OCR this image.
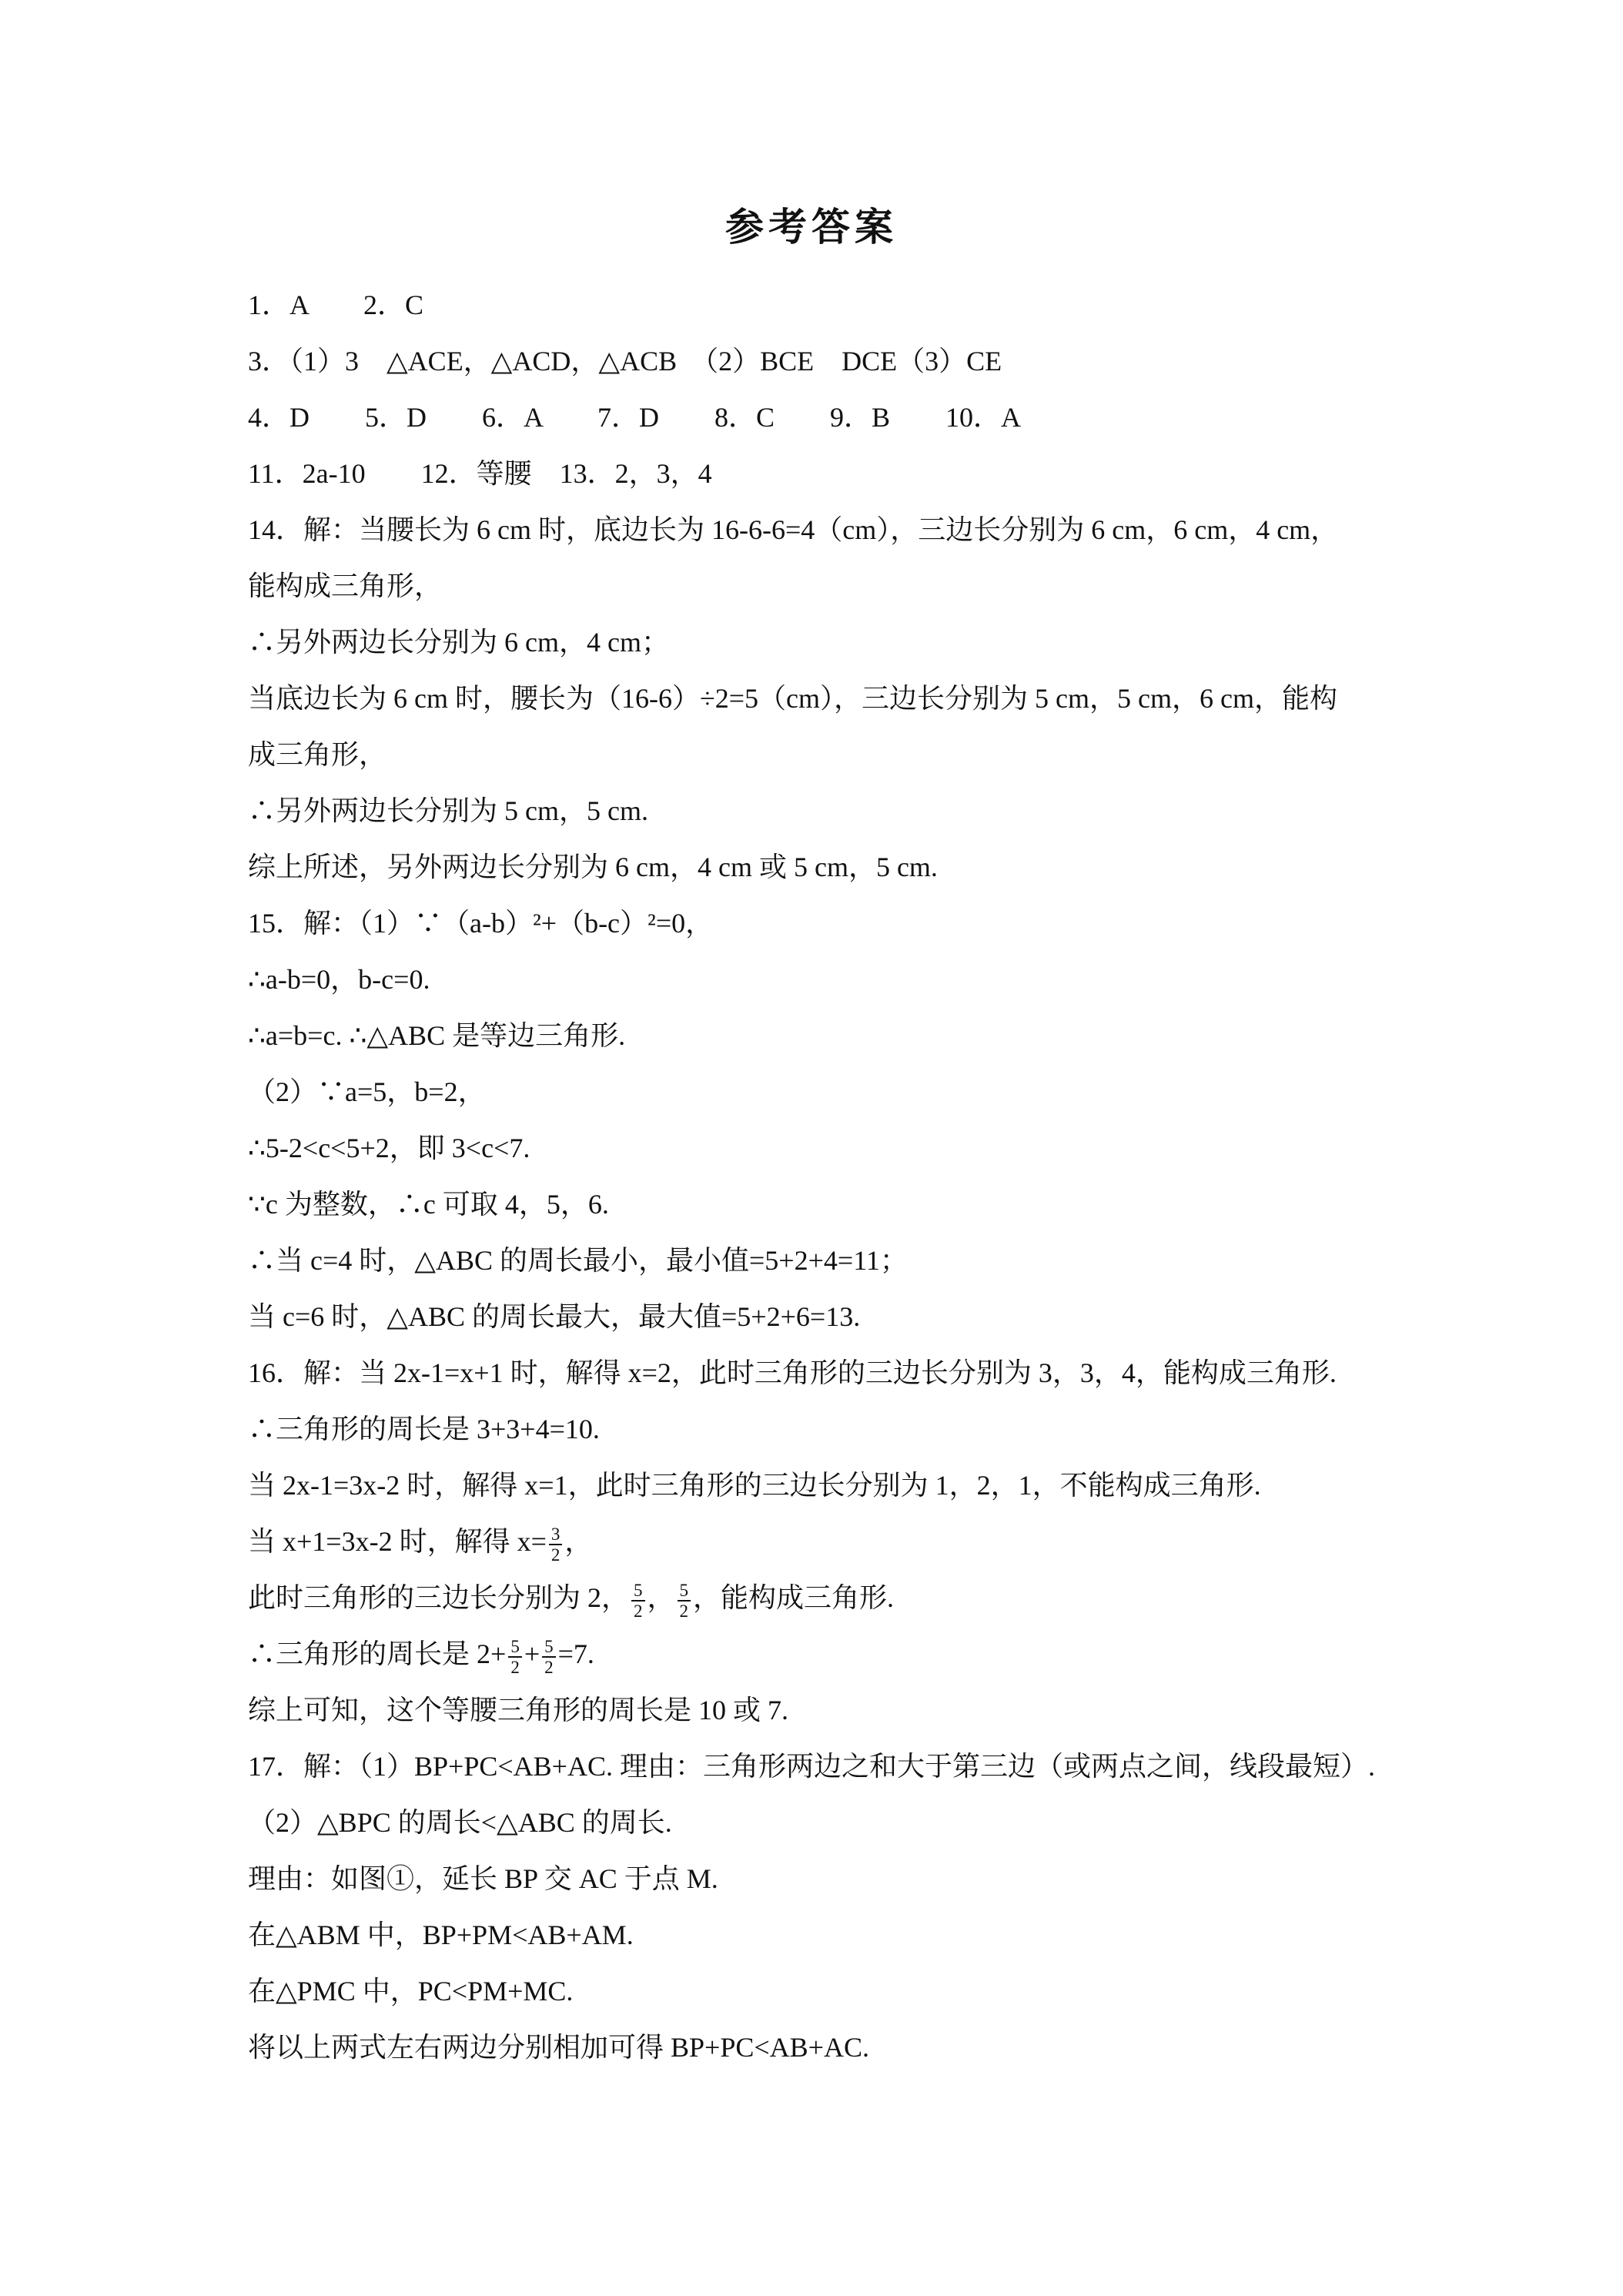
参考答案
1．A　　2．C
3．（1）3　△ACE，△ACD，△ACB　（2）BCE　DCE（3）CE
4．D　　5．D　　6．A　　7．D　　8．C　　9．B　　10．A
11．2a-10　　12．等腰　13．2，3，4
14．解：当腰长为 6 cm 时，底边长为 16-6-6=4（cm），三边长分别为 6 cm，6 cm，4 cm，
能构成三角形，
∴另外两边长分别为 6 cm，4 cm；
当底边长为 6 cm 时，腰长为（16-6）÷2=5（cm），三边长分别为 5 cm，5 cm，6 cm，能构
成三角形，
∴另外两边长分别为 5 cm，5 cm.
综上所述，另外两边长分别为 6 cm，4 cm 或 5 cm，5 cm.
15．解：（1）∵（a-b）²+（b-c）²=0，
∴a-b=0，b-c=0.
∴a=b=c. ∴△ABC 是等边三角形.
（2）∵a=5，b=2，
∴5-2<c<5+2，即 3<c<7.
∵c 为整数，∴c 可取 4，5，6.
∴当 c=4 时，△ABC 的周长最小，最小值=5+2+4=11；
当 c=6 时，△ABC 的周长最大，最大值=5+2+6=13.
16．解：当 2x-1=x+1 时，解得 x=2，此时三角形的三边长分别为 3，3，4，能构成三角形.
∴三角形的周长是 3+3+4=10.
当 2x-1=3x-2 时，解得 x=1，此时三角形的三边长分别为 1，2，1，不能构成三角形.
当 x+1=3x-2 时，解得 $x= \frac{3}{2}$ ，
此时三角形的三边长分别为 2， $\frac{5}{2}$ ， $\frac{5}{2}$ ，能构成三角形.
∴三角形的周长是 $2+ \frac{5}{2} + \frac{5}{2} =7$.
综上可知，这个等腰三角形的周长是 10 或 7.
17．解：（1）BP+PC<AB+AC. 理由：三角形两边之和大于第三边（或两点之间，线段最短）.
（2）△BPC 的周长<△ABC 的周长.
理由：如图①，延长 BP 交 AC 于点 M.
在△ABM 中，BP+PM<AB+AM.
在△PMC 中，PC<PM+MC.
将以上两式左右两边分别相加可得 BP+PC<AB+AC.
